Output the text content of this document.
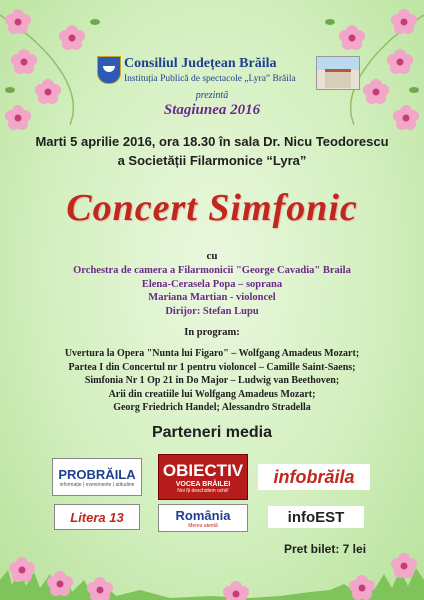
Consiliul Județean Brăila
Instituția Publică de spectacole „Lyra” Brăila
prezintă
Stagiunea 2016
Marti 5 aprilie 2016, ora 18.30 în sala Dr. Nicu Teodorescu
a Societății Filarmonice “Lyra”
Concert Simfonic
cu
Orchestra de camera a Filarmonicii "George Cavadia" Braila
Elena-Cerasela Popa – soprana
Mariana Martian - violoncel
Dirijor: Stefan Lupu
In program:
Uvertura la Opera "Nunta lui Figaro" – Wolfgang Amadeus Mozart;
Partea I din Concertul nr 1 pentru violoncel – Camille Saint-Saens;
Simfonia Nr 1 Op 21 in Do Major – Ludwig van Beethoven;
Arii din creatiile lui Wolfgang Amadeus Mozart;
Georg Friedrich Handel; Alessandro Stradella
Parteneri media
PROBRĂILA
informație | evenimente | atitudine
OBIECTIV
VOCEA BRĂILEI
Noi îți deschidem ochii!
infobrăila
Litera 13	România
Mereu atentă	infoEST
Pret bilet: 7 lei
